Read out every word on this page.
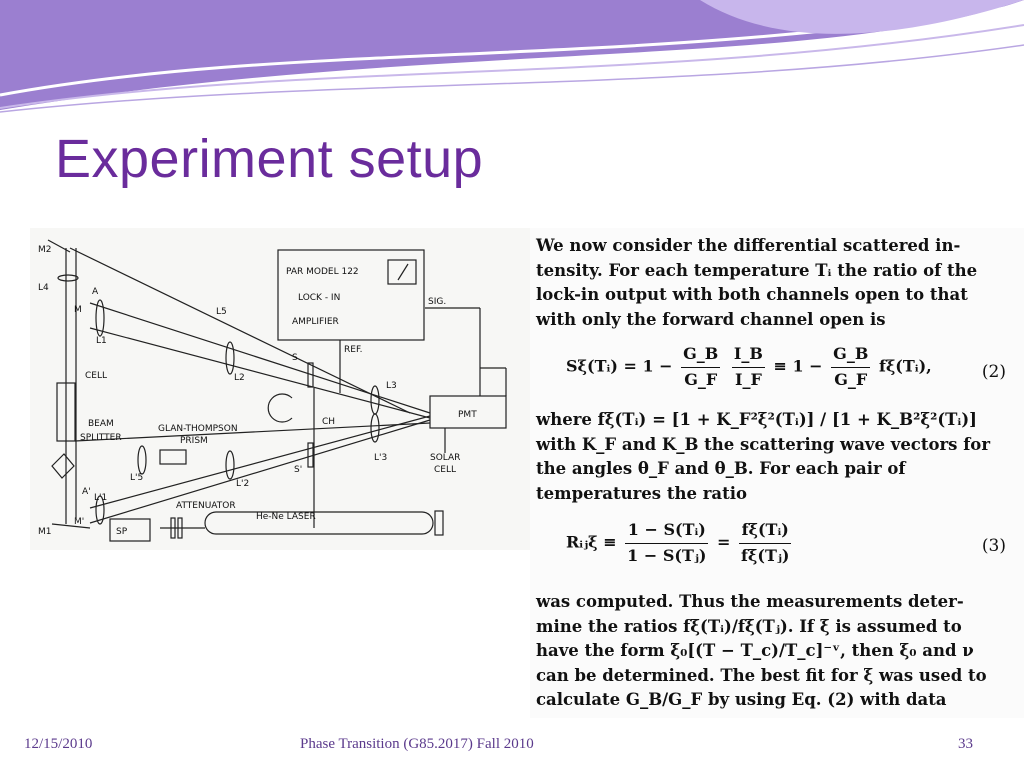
Experiment setup
M2
L4
M
A
L1
CELL
BEAM
SPLITTER
GLAN-THOMPSON
PRISM
L5
L2
S
L3
CH
PAR MODEL 122
LOCK - IN
AMPLIFIER
SIG.
REF.
PMT
SOLAR
CELL
S'
L'3
L'5
L'2
A'
L'1
M'
M1
ATTENUATOR
He-Ne LASER
SP
We now consider the differential scattered in- tensity. For each temperature Tᵢ the ratio of the lock-in output with both channels open to that with only the forward channel open is
Sξ(Tᵢ) = $1 - \frac{G\_B}{G\_F}$
$\frac{I\_B}{I\_F} \equiv 1 - \frac{G\_B}{G\_F}$ fξ(Tᵢ),	(2)
where fξ(Tᵢ) = [1 + K_F²ξ²(Tᵢ)] / [1 + K_B²ξ²(Tᵢ)] with K_F and K_B the scattering wave vectors for the angles θ_F and θ_B. For each pair of temperatures the ratio
Rᵢⱼξ ≡ $\frac{\text{1 − S(Tᵢ)}}{\text{1 − S(Tⱼ)}} = \frac{\text{fξ(Tᵢ)}}{\text{fξ(Tⱼ)}}$	(3)
was computed. Thus the measurements deter- mine the ratios fξ(Tᵢ)/fξ(Tⱼ). If ξ is assumed to have the form ξ₀[(T − T_c)/T_c]⁻ᵛ, then ξ₀ and ν can be determined. The best fit for ξ was used to calculate G_B/G_F by using Eq. (2) with data
12/15/2010	Phase Transition (G85.2017) Fall 2010	33
